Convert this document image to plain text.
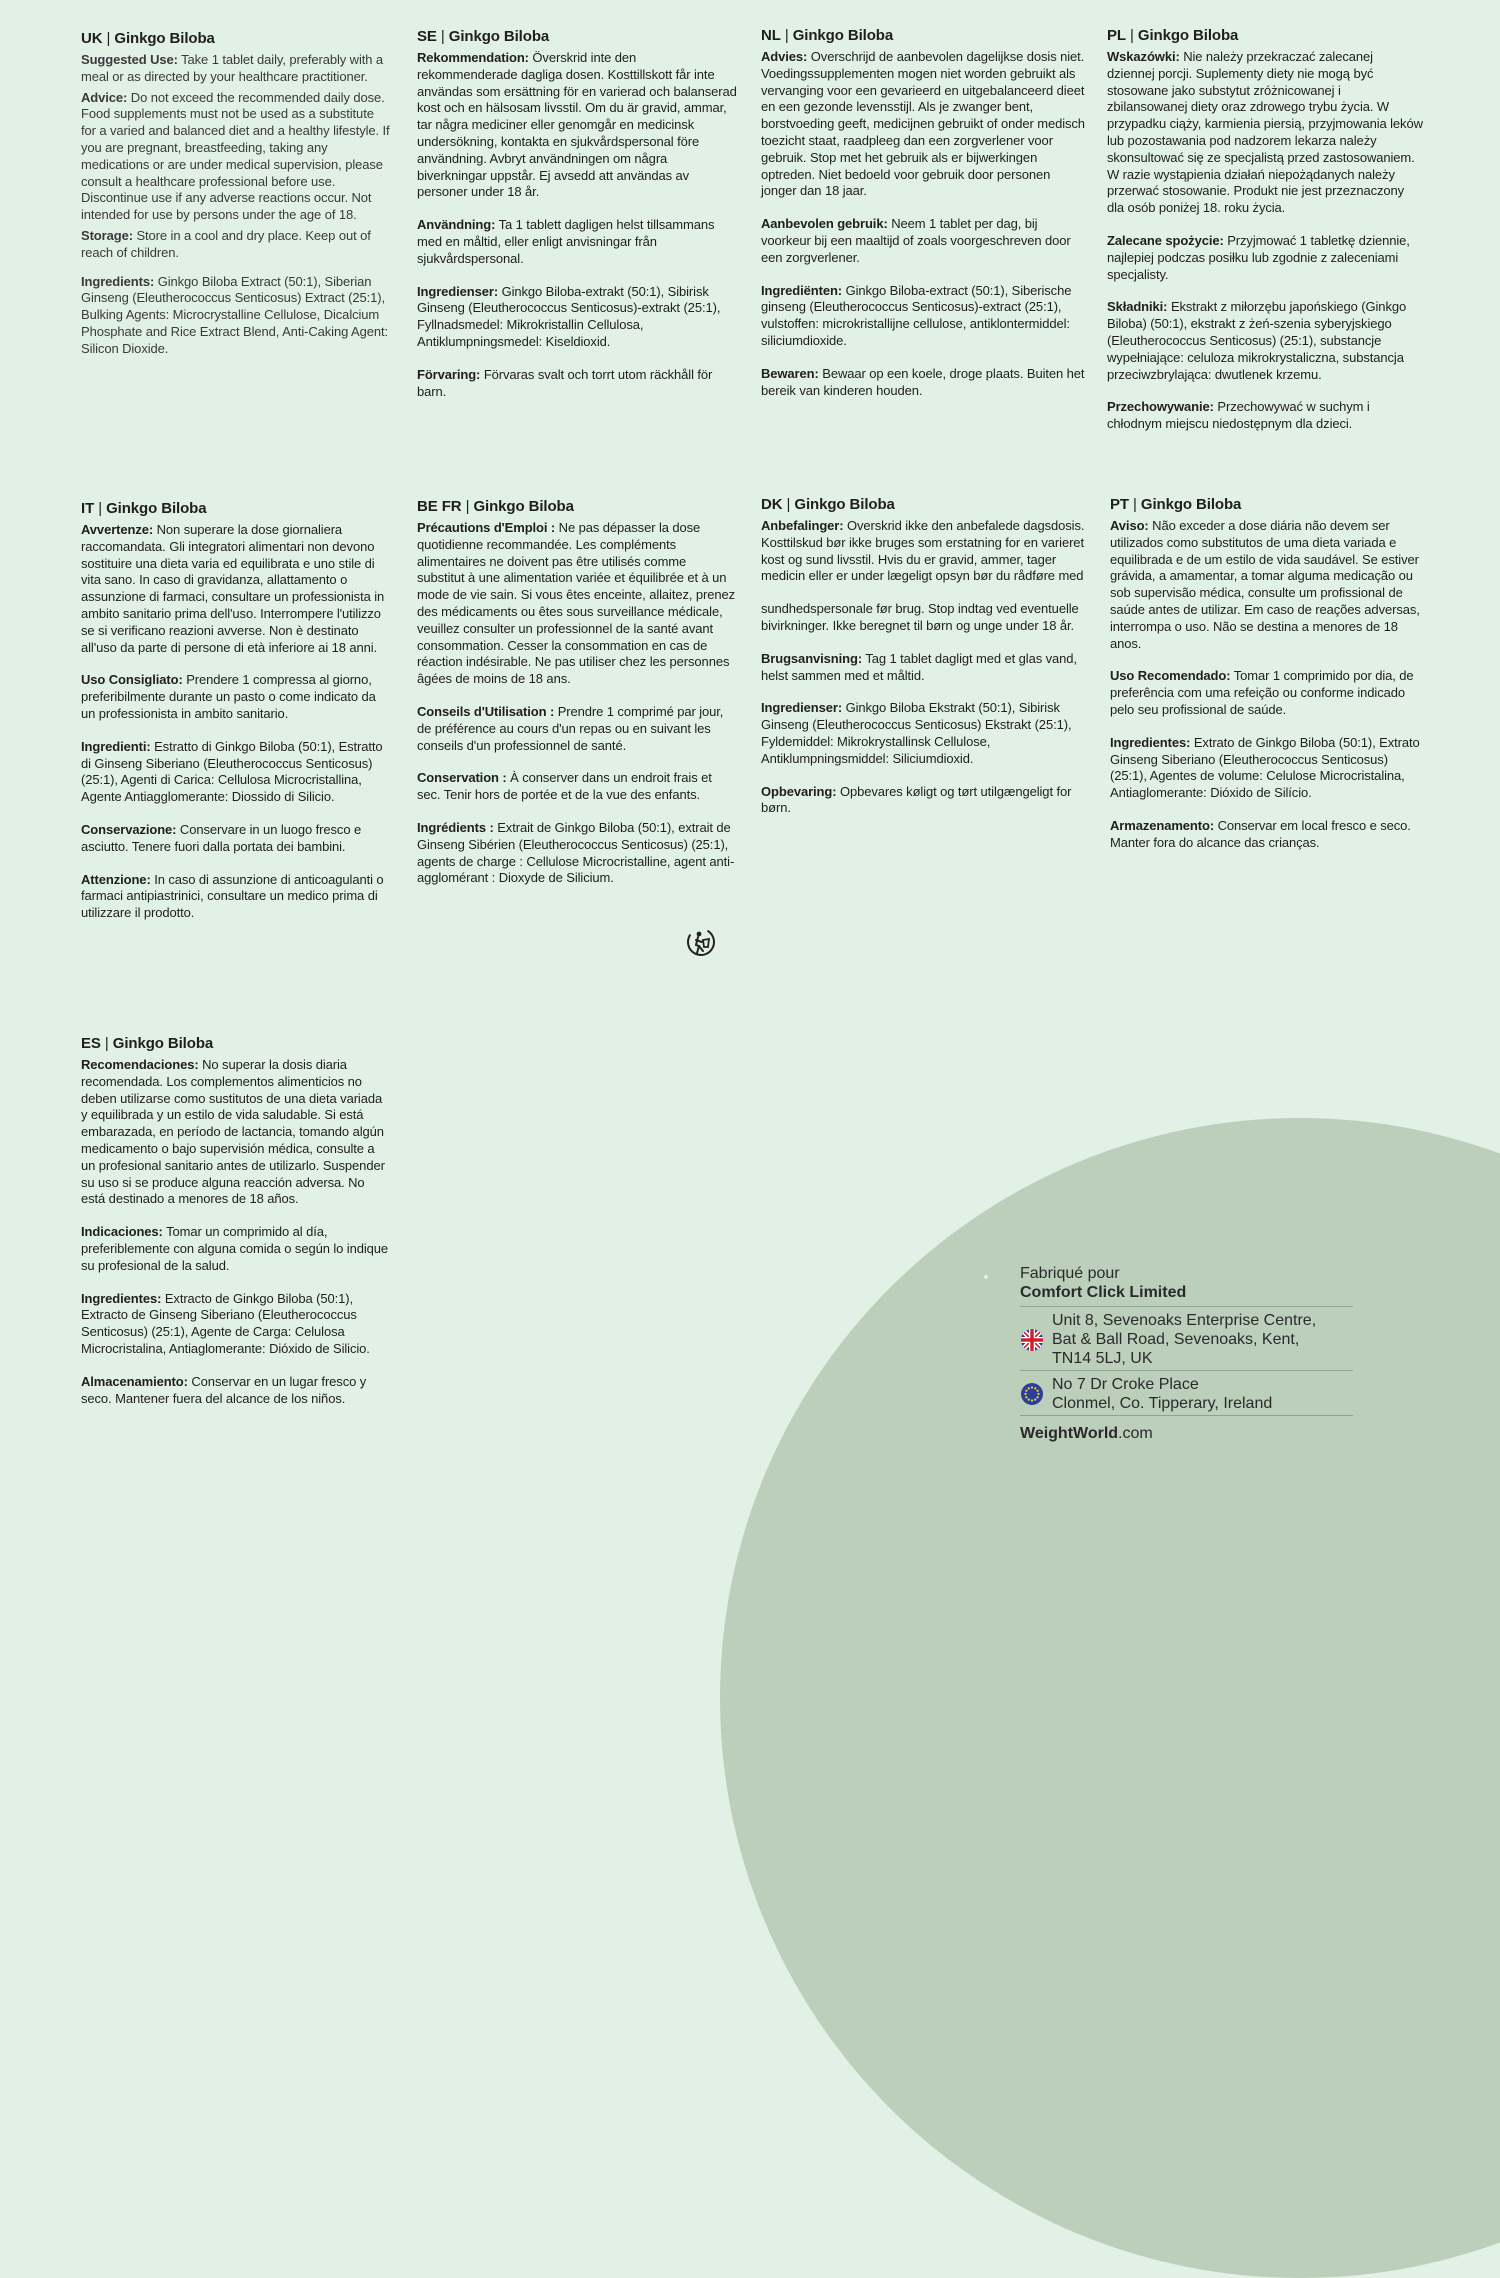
UK | Ginkgo Biloba

Suggested Use: Take 1 tablet daily, preferably with a meal or as directed by your healthcare practitioner.

Advice: Do not exceed the recommended daily dose. Food supplements must not be used as a substitute for a varied and balanced diet and a healthy lifestyle. If you are pregnant, breastfeeding, taking any medications or are under medical supervision, please consult a healthcare professional before use. Discontinue use if any adverse reactions occur. Not intended for use by persons under the age of 18.

Storage: Store in a cool and dry place. Keep out of reach of children.

Ingredients: Ginkgo Biloba Extract (50:1), Siberian Ginseng (Eleutherococcus Senticosus) Extract (25:1), Bulking Agents: Microcrystalline Cellulose, Dicalcium Phosphate and Rice Extract Blend, Anti-Caking Agent: Silicon Dioxide.

SE | Ginkgo Biloba

Rekommendation: Överskrid inte den rekommenderade dagliga dosen. Kosttillskott får inte användas som ersättning för en varierad och balanserad kost och en hälsosam livsstil. Om du är gravid, ammar, tar några mediciner eller genomgår en medicinsk undersökning, kontakta en sjukvårdspersonal före användning. Avbryt användningen om några biverkningar uppstår. Ej avsedd att användas av personer under 18 år.

Användning: Ta 1 tablett dagligen helst tillsammans med en måltid, eller enligt anvisningar från sjukvårdspersonal.

Ingredienser: Ginkgo Biloba-extrakt (50:1), Sibirisk Ginseng (Eleutherococcus Senticosus)-extrakt (25:1), Fyllnadsmedel: Mikrokristallin Cellulosa, Antiklumpningsmedel: Kiseldioxid.

Förvaring: Förvaras svalt och torrt utom räckhåll för barn.

NL | Ginkgo Biloba

Advies: Overschrijd de aanbevolen dagelijkse dosis niet. Voedingssupplementen mogen niet worden gebruikt als vervanging voor een gevarieerd en uitgebalanceerd dieet en een gezonde levensstijl. Als je zwanger bent, borstvoeding geeft, medicijnen gebruikt of onder medisch toezicht staat, raadpleeg dan een zorgverlener voor gebruik. Stop met het gebruik als er bijwerkingen optreden. Niet bedoeld voor gebruik door personen jonger dan 18 jaar.

Aanbevolen gebruik: Neem 1 tablet per dag, bij voorkeur bij een maaltijd of zoals voorgeschreven door een zorgverlener.

Ingrediënten: Ginkgo Biloba-extract (50:1), Siberische ginseng (Eleutherococcus Senticosus)-extract (25:1), vulstoffen: microkristallijne cellulose, antiklontermiddel: siliciumdioxide.

Bewaren: Bewaar op een koele, droge plaats. Buiten het bereik van kinderen houden.

PL | Ginkgo Biloba

Wskazówki: Nie należy przekraczać zalecanej dziennej porcji. Suplementy diety nie mogą być stosowane jako substytut zróżnicowanej i zbilansowanej diety oraz zdrowego trybu życia. W przypadku ciąży, karmienia piersią, przyjmowania leków lub pozostawania pod nadzorem lekarza należy skonsultować się ze specjalistą przed zastosowaniem. W razie wystąpienia działań niepożądanych należy przerwać stosowanie. Produkt nie jest przeznaczony dla osób poniżej 18. roku życia.

Zalecane spożycie: Przyjmować 1 tabletkę dziennie, najlepiej podczas posiłku lub zgodnie z zaleceniami specjalisty.

Składniki: Ekstrakt z miłorzębu japońskiego (Ginkgo Biloba) (50:1), ekstrakt z żeń-szenia syberyjskiego (Eleutherococcus Senticosus) (25:1), substancje wypełniające: celuloza mikrokrystaliczna, substancja przeciwzbrylająca: dwutlenek krzemu.

Przechowywanie: Przechowywać w suchym i chłodnym miejscu niedostępnym dla dzieci.

IT | Ginkgo Biloba

Avvertenze: Non superare la dose giornaliera raccomandata. Gli integratori alimentari non devono sostituire una dieta varia ed equilibrata e uno stile di vita sano. In caso di gravidanza, allattamento o assunzione di farmaci, consultare un professionista in ambito sanitario prima dell'uso. Interrompere l'utilizzo se si verificano reazioni avverse. Non è destinato all'uso da parte di persone di età inferiore ai 18 anni.

Uso Consigliato: Prendere 1 compressa al giorno, preferibilmente durante un pasto o come indicato da un professionista in ambito sanitario.

Ingredienti: Estratto di Ginkgo Biloba (50:1), Estratto di Ginseng Siberiano (Eleutherococcus Senticosus) (25:1), Agenti di Carica: Cellulosa Microcristallina, Agente Antiagglomerante: Diossido di Silicio.

Conservazione: Conservare in un luogo fresco e asciutto. Tenere fuori dalla portata dei bambini.

Attenzione: In caso di assunzione di anticoagulanti o farmaci antipiastrinici, consultare un medico prima di utilizzare il prodotto.

BE FR | Ginkgo Biloba

Précautions d'Emploi : Ne pas dépasser la dose quotidienne recommandée. Les compléments alimentaires ne doivent pas être utilisés comme substitut à une alimentation variée et équilibrée et à un mode de vie sain. Si vous êtes enceinte, allaitez, prenez des médicaments ou êtes sous surveillance médicale, veuillez consulter un professionnel de la santé avant consommation. Cesser la consommation en cas de réaction indésirable. Ne pas utiliser chez les personnes âgées de moins de 18 ans.

Conseils d'Utilisation : Prendre 1 comprimé par jour, de préférence au cours d'un repas ou en suivant les conseils d'un professionnel de santé.

Conservation : À conserver dans un endroit frais et sec. Tenir hors de portée et de la vue des enfants.

Ingrédients : Extrait de Ginkgo Biloba (50:1), extrait de Ginseng Sibérien (Eleutherococcus Senticosus) (25:1), agents de charge : Cellulose Microcristalline, agent anti-agglomérant : Dioxyde de Silicium.

DK | Ginkgo Biloba

Anbefalinger: Overskrid ikke den anbefalede dagsdosis. Kosttilskud bør ikke bruges som erstatning for en varieret kost og sund livsstil. Hvis du er gravid, ammer, tager medicin eller er under lægeligt opsyn bør du rådføre med

sundhedspersonale før brug. Stop indtag ved eventuelle bivirkninger. Ikke beregnet til børn og unge under 18 år.

Brugsanvisning: Tag 1 tablet dagligt med et glas vand, helst sammen med et måltid.

Ingredienser: Ginkgo Biloba Ekstrakt (50:1), Sibirisk Ginseng (Eleutherococcus Senticosus) Ekstrakt (25:1), Fyldemiddel: Mikrokrystallinsk Cellulose, Antiklumpningsmiddel: Siliciumdioxid.

Opbevaring: Opbevares køligt og tørt utilgængeligt for børn.

PT | Ginkgo Biloba

Aviso: Não exceder a dose diária não devem ser utilizados como substitutos de uma dieta variada e equilibrada e de um estilo de vida saudável. Se estiver grávida, a amamentar, a tomar alguma medicação ou sob supervisão médica, consulte um profissional de saúde antes de utilizar. Em caso de reações adversas, interrompa o uso. Não se destina a menores de 18 anos.

Uso Recomendado: Tomar 1 comprimido por dia, de preferência com uma refeição ou conforme indicado pelo seu profissional de saúde.

Ingredientes: Extrato de Ginkgo Biloba (50:1), Extrato Ginseng Siberiano (Eleutherococcus Senticosus) (25:1), Agentes de volume: Celulose Microcristalina, Antiaglomerante: Dióxido de Silício.

Armazenamento: Conservar em local fresco e seco. Manter fora do alcance das crianças.

ES | Ginkgo Biloba

Recomendaciones: No superar la dosis diaria recomendada. Los complementos alimenticios no deben utilizarse como sustitutos de una dieta variada y equilibrada y un estilo de vida saludable. Si está embarazada, en período de lactancia, tomando algún medicamento o bajo supervisión médica, consulte a un profesional sanitario antes de utilizarlo. Suspender su uso si se produce alguna reacción adversa. No está destinado a menores de 18 años.

Indicaciones: Tomar un comprimido al día, preferiblemente con alguna comida o según lo indique su profesional de la salud.

Ingredientes: Extracto de Ginkgo Biloba (50:1), Extracto de Ginseng Siberiano (Eleutherococcus Senticosus) (25:1), Agente de Carga: Celulosa Microcristalina, Antiaglomerante: Dióxido de Silicio.

Almacenamiento: Conservar en un lugar fresco y seco. Mantener fuera del alcance de los niños.

Fabriqué pour

Comfort Click Limited

Unit 8, Sevenoaks Enterprise Centre,
Bat & Ball Road, Sevenoaks, Kent,
TN14 5LJ, UK
No 7 Dr Croke Place
Clonmel, Co. Tipperary, Ireland
WeightWorld.com
